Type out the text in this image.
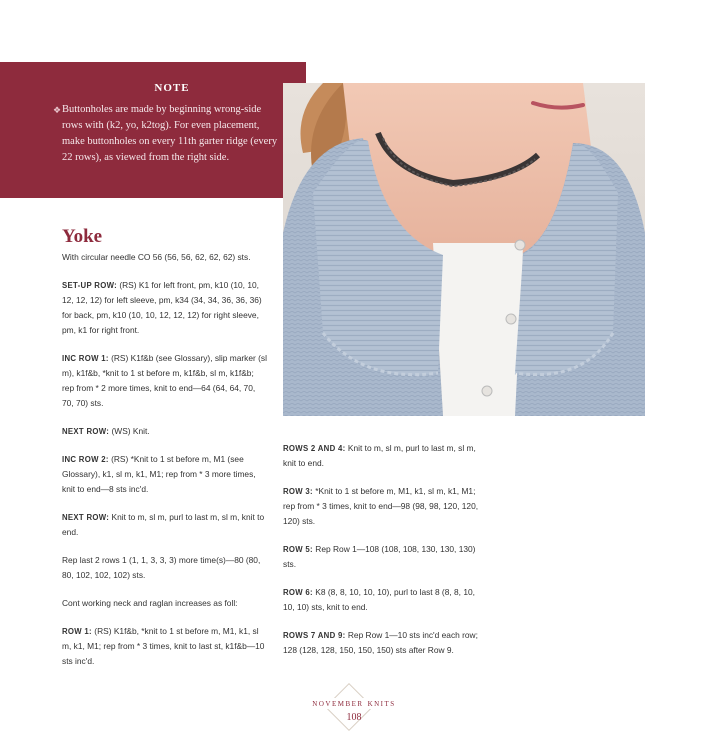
note

❖ Buttonholes are made by beginning wrong-side rows with (k2, yo, k2tog). For even placement, make buttonholes on every 11th garter ridge (every 22 rows), as viewed from the right side.

Yoke

With circular needle CO 56 (56, 56, 62, 62, 62) sts.

SET-UP ROW: (RS) K1 for left front, pm, k10 (10, 10, 12, 12, 12) for left sleeve, pm, k34 (34, 34, 36, 36, 36) for back, pm, k10 (10, 10, 12, 12, 12) for right sleeve, pm, k1 for right front.

INC ROW 1: (RS) K1f&b (see Glossary), slip marker (sl m), k1f&b, *knit to 1 st before m, k1f&b, sl m, k1f&b; rep from * 2 more times, knit to end—64 (64, 64, 70, 70, 70) sts.

NEXT ROW: (WS) Knit.

INC ROW 2: (RS) *Knit to 1 st before m, M1 (see Glossary), k1, sl m, k1, M1; rep from * 3 more times, knit to end—8 sts inc'd.

NEXT ROW: Knit to m, sl m, purl to last m, sl m, knit to end.

Rep last 2 rows 1 (1, 1, 3, 3, 3) more time(s)—80 (80, 80, 102, 102, 102) sts.

Cont working neck and raglan increases as foll:

ROW 1: (RS) K1f&b, *knit to 1 st before m, M1, k1, sl m, k1, M1; rep from * 3 times, knit to last st, k1f&b—10 sts inc'd.

ROWS 2 AND 4: Knit to m, sl m, purl to last m, sl m, knit to end.

ROW 3: *Knit to 1 st before m, M1, k1, sl m, k1, M1; rep from * 3 times, knit to end—98 (98, 98, 120, 120, 120) sts.

ROW 5: Rep Row 1—108 (108, 108, 130, 130, 130) sts.

ROW 6: K8 (8, 8, 10, 10, 10), purl to last 8 (8, 8, 10, 10, 10) sts, knit to end.

ROWS 7 AND 9: Rep Row 1—10 sts inc'd each row; 128 (128, 128, 150, 150, 150) sts after Row 9.

november knits
108
